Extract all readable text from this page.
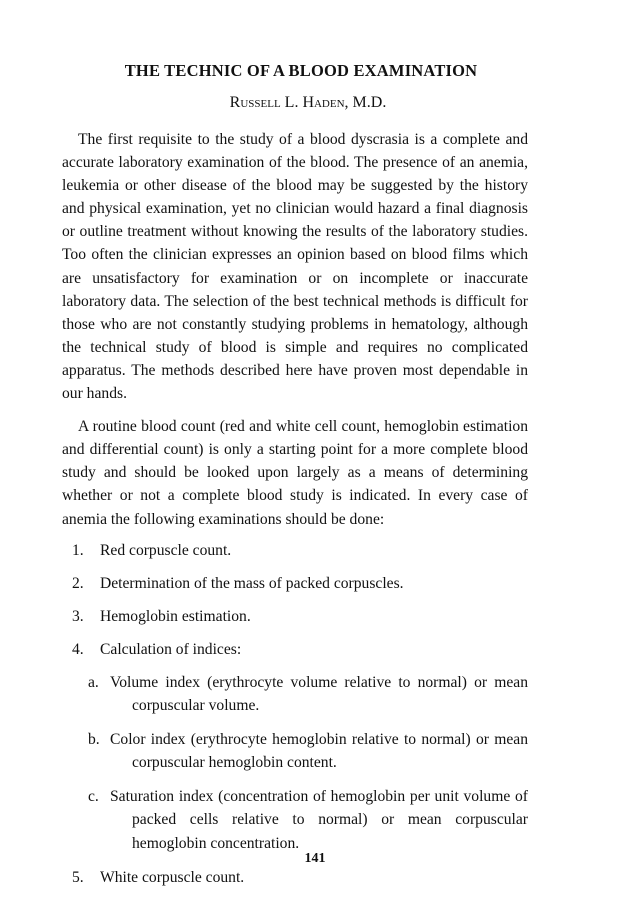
THE TECHNIC OF A BLOOD EXAMINATION
Russell L. Haden, M.D.

The first requisite to the study of a blood dyscrasia is a complete and accurate laboratory examination of the blood. The presence of an anemia, leukemia or other disease of the blood may be suggested by the history and physical examination, yet no clinician would hazard a final diagnosis or outline treatment without knowing the results of the laboratory studies. Too often the clinician expresses an opinion based on blood films which are unsatisfactory for examination or on incomplete or inaccurate laboratory data. The selection of the best technical methods is difficult for those who are not constantly studying problems in hematology, although the technical study of blood is simple and requires no complicated apparatus. The methods described here have proven most dependable in our hands.

A routine blood count (red and white cell count, hemoglobin estimation and differential count) is only a starting point for a more complete blood study and should be looked upon largely as a means of determining whether or not a complete blood study is indicated. In every case of anemia the following examinations should be done:

1.	Red corpuscle count.
2.	Determination of the mass of packed corpuscles.
3.	Hemoglobin estimation.
4.	Calculation of indices:
a. Volume index (erythrocyte volume relative to normal) or mean corpuscular volume.
b. Color index (erythrocyte hemoglobin relative to normal) or mean corpuscular hemoglobin content.
c. Saturation index (concentration of hemoglobin per unit volume of packed cells relative to normal) or mean corpuscular hemoglobin concentration.
5.	White corpuscle count.
141
